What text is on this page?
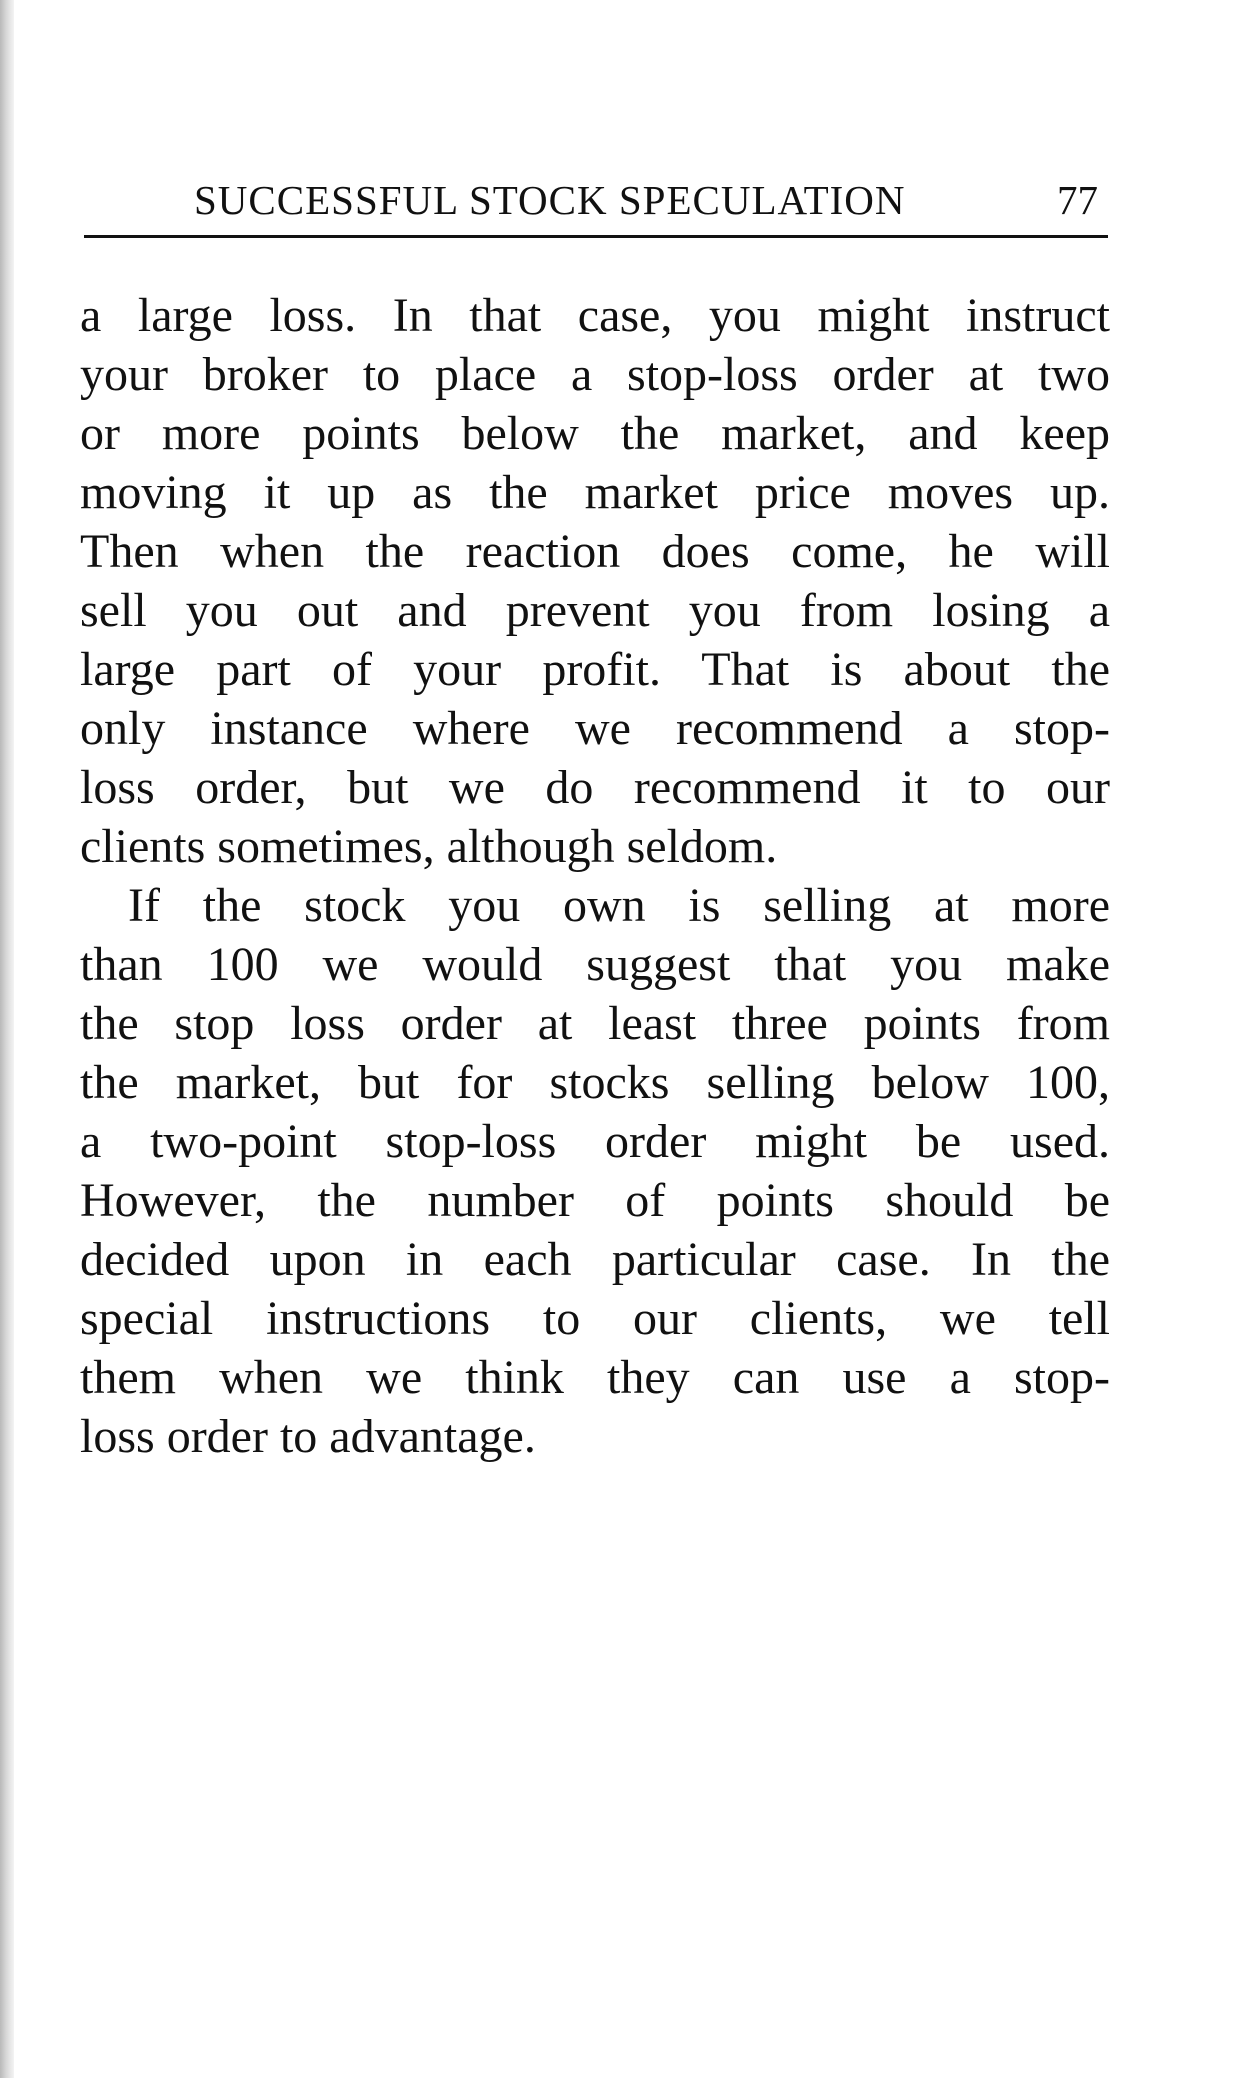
SUCCESSFUL STOCK SPECULATION	77
a large loss. In that case, you might instruct
your broker to place a stop-loss order at two
or more points below the market, and keep
moving it up as the market price moves up.
Then when the reaction does come, he will
sell you out and prevent you from losing a
large part of your profit. That is about the
only instance where we recommend a stop-
loss order, but we do recommend it to our
clients sometimes, although seldom.
If the stock you own is selling at more
than 100 we would suggest that you make
the stop loss order at least three points from
the market, but for stocks selling below 100,
a two-point stop-loss order might be used.
However, the number of points should be
decided upon in each particular case. In the
special instructions to our clients, we tell
them when we think they can use a stop-
loss order to advantage.
